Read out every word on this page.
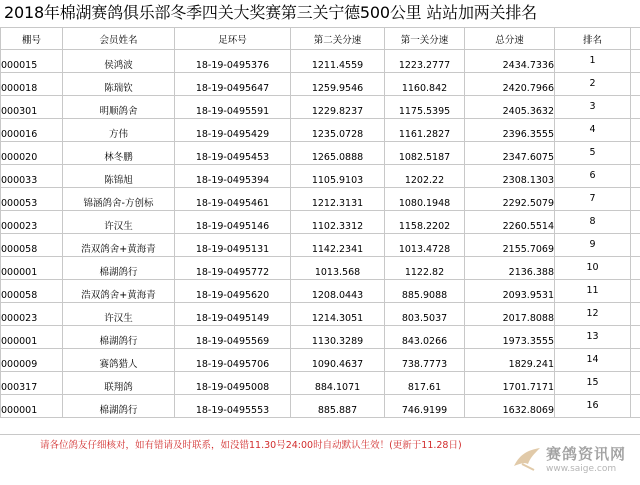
2018年棉湖赛鸽俱乐部冬季四关大奖赛第三关宁德500公里 站站加两关排名
棚号	会员姓名	足环号	第二关分速	第一关分速	总分速	排名	
000015	侯鸿波	18-19-0495376	1211.4559	1223.2777	2434.7336	1	
000018	陈瑞钦	18-19-0495647	1259.9546	1160.842	2420.7966	2	
000301	明顺鸽舍	18-19-0495591	1229.8237	1175.5395	2405.3632	3	
000016	方伟	18-19-0495429	1235.0728	1161.2827	2396.3555	4	
000020	林冬鹏	18-19-0495453	1265.0888	1082.5187	2347.6075	5	
000033	陈锦旭	18-19-0495394	1105.9103	1202.22	2308.1303	6	
000053	锦涵鸽舍-方创标	18-19-0495461	1212.3131	1080.1948	2292.5079	7	
000023	许汉生	18-19-0495146	1102.3312	1158.2202	2260.5514	8	
000058	浩双鸽舍+黄海青	18-19-0495131	1142.2341	1013.4728	2155.7069	9	
000001	棉湖鸽行	18-19-0495772	1013.568	1122.82	2136.388	10	
000058	浩双鸽舍+黄海青	18-19-0495620	1208.0443	885.9088	2093.9531	11	
000023	许汉生	18-19-0495149	1214.3051	803.5037	2017.8088	12	
000001	棉湖鸽行	18-19-0495569	1130.3289	843.0266	1973.3555	13	
000009	赛鸽猎人	18-19-0495706	1090.4637	738.7773	1829.241	14	
000317	联翔鸽	18-19-0495008	884.1071	817.61	1701.7171	15	
000001	棉湖鸽行	18-19-0495553	885.887	746.9199	1632.8069	16	
请各位鸽友仔细核对，如有错请及时联系，如没错11.30号24:00时自动默认生效！(更新于11.28日)	赛鸽资讯网
www.saige.com
